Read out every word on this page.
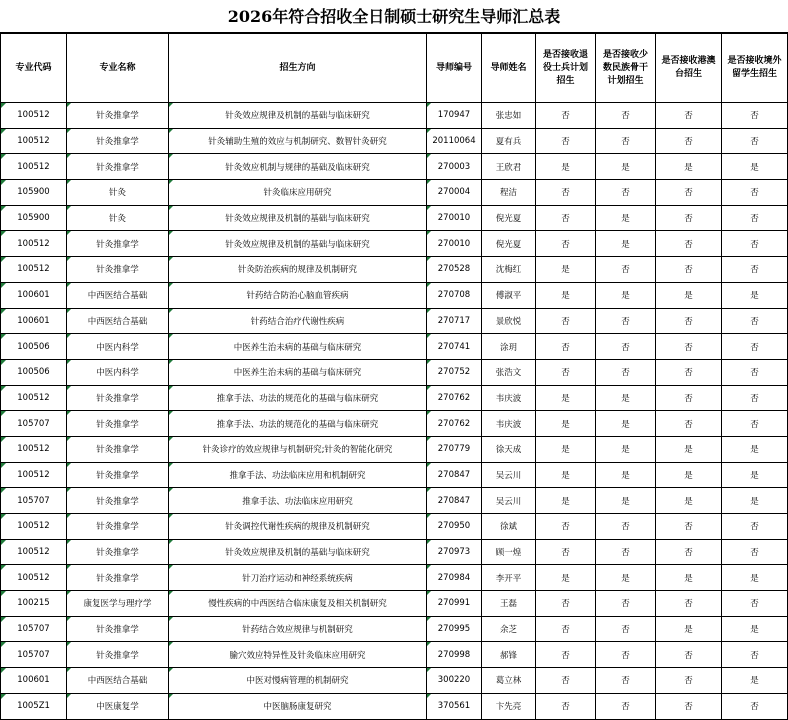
2026年符合招收全日制硕士研究生导师汇总表
专业代码	专业名称	招生方向	导师编号	导师姓名	是否接收退役士兵计划招生	是否接收少数民族骨干计划招生	是否接收港澳台招生	是否接收境外留学生招生
100512	针灸推拿学	针灸效应规律及机制的基础与临床研究	170947	张忠如	否	否	否	否
100512	针灸推拿学	针灸辅助生殖的效应与机制研究、数智针灸研究	20110064	夏有兵	否	否	否	否
100512	针灸推拿学	针灸效应机制与规律的基础及临床研究	270003	王欣君	是	是	是	是
105900	针灸	针灸临床应用研究	270004	程洁	否	否	否	否
105900	针灸	针灸效应规律及机制的基础与临床研究	270010	倪光夏	否	是	否	否
100512	针灸推拿学	针灸效应规律及机制的基础与临床研究	270010	倪光夏	否	是	否	否
100512	针灸推拿学	针灸防治疾病的规律及机制研究	270528	沈梅红	是	否	否	否
100601	中西医结合基础	针药结合防治心脑血管疾病	270708	傅淑平	是	是	是	是
100601	中西医结合基础	针药结合治疗代谢性疾病	270717	景欣悦	否	否	否	否
100506	中医内科学	中医养生治未病的基础与临床研究	270741	涂玥	否	否	否	否
100506	中医内科学	中医养生治未病的基础与临床研究	270752	张浩文	否	否	否	否
100512	针灸推拿学	推拿手法、功法的规范化的基础与临床研究	270762	韦庆波	是	是	否	否
105707	针灸推拿学	推拿手法、功法的规范化的基础与临床研究	270762	韦庆波	是	是	否	否
100512	针灸推拿学	针灸诊疗的效应规律与机制研究;针灸的智能化研究	270779	徐天成	是	是	是	是
100512	针灸推拿学	推拿手法、功法临床应用和机制研究	270847	吴云川	是	是	是	是
105707	针灸推拿学	推拿手法、功法临床应用研究	270847	吴云川	是	是	是	是
100512	针灸推拿学	针灸调控代谢性疾病的规律及机制研究	270950	徐斌	否	否	否	否
100512	针灸推拿学	针灸效应规律及机制的基础与临床研究	270973	顾一煌	否	否	否	否
100512	针灸推拿学	针刀治疗运动和神经系统疾病	270984	李开平	是	是	是	是
100215	康复医学与理疗学	慢性疾病的中西医结合临床康复及相关机制研究	270991	王磊	否	否	否	否
105707	针灸推拿学	针药结合效应规律与机制研究	270995	余芝	否	否	是	是
105707	针灸推拿学	腧穴效应特异性及针灸临床应用研究	270998	郝锋	否	否	否	否
100601	中西医结合基础	中医对慢病管理的机制研究	300220	葛立林	否	否	否	是
1005Z1	中医康复学	中医脑肠康复研究	370561	卞先亮	否	否	否	否
